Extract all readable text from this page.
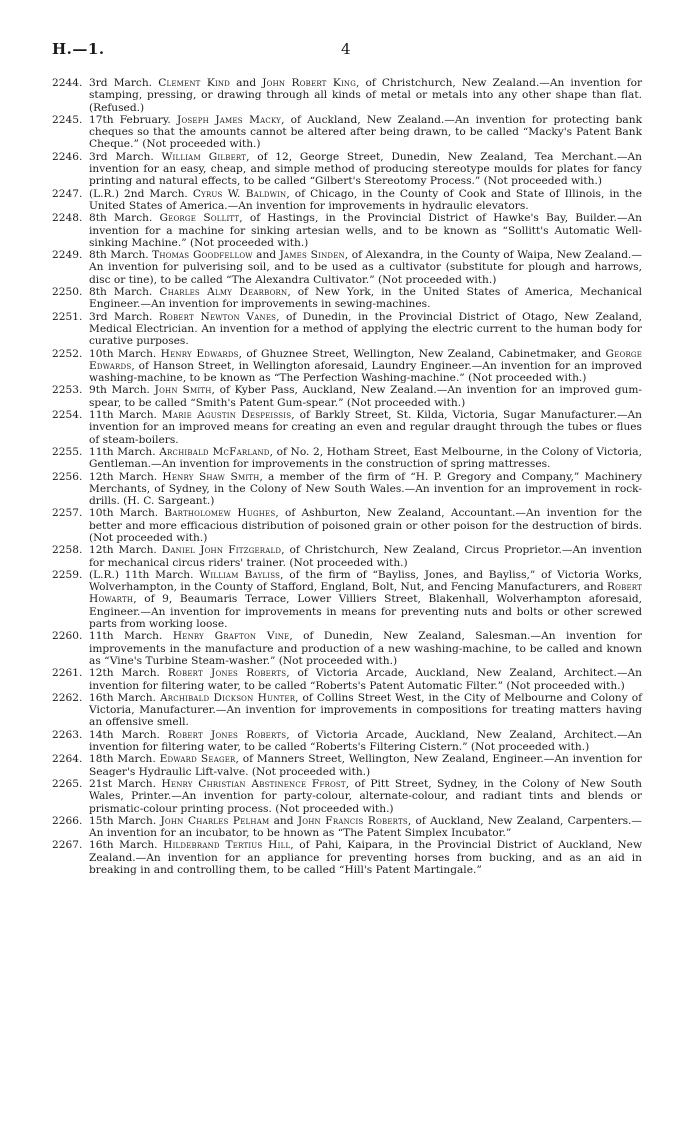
H.—1.	4
2244. 3rd March. Clement Kind and John Robert King, of Christchurch, New Zealand.—An invention for stamping, pressing, or drawing through all kinds of metal or metals into any other shape than flat. (Refused.)
2245. 17th February. Joseph James Macky, of Auckland, New Zealand.—An invention for protecting bank cheques so that the amounts cannot be altered after being drawn, to be called “Macky's Patent Bank Cheque.” (Not proceeded with.)
2246. 3rd March. William Gilbert, of 12, George Street, Dunedin, New Zealand, Tea Merchant.—An invention for an easy, cheap, and simple method of producing stereotype moulds for plates for fancy printing and natural effects, to be called “Gilbert's Stereotomy Process.” (Not proceeded with.)
2247. (L.R.) 2nd March. Cyrus W. Baldwin, of Chicago, in the County of Cook and State of Illinois, in the United States of America.—An invention for improvements in hydraulic elevators.
2248. 8th March. George Sollitt, of Hastings, in the Provincial District of Hawke's Bay, Builder.—An invention for a machine for sinking artesian wells, and to be known as “Sollitt's Automatic Well-sinking Machine.” (Not proceeded with.)
2249. 8th March. Thomas Goodfellow and James Sinden, of Alexandra, in the County of Waipa, New Zealand.—An invention for pulverising soil, and to be used as a cultivator (substitute for plough and harrows, disc or tine), to be called “The Alexandra Cultivator.” (Not proceeded with.)
2250. 8th March. Charles Almy Dearborn, of New York, in the United States of America, Mechanical Engineer.—An invention for improvements in sewing-machines.
2251. 3rd March. Robert Newton Vanes, of Dunedin, in the Provincial District of Otago, New Zealand, Medical Electrician. An invention for a method of applying the electric current to the human body for curative purposes.
2252. 10th March. Henry Edwards, of Ghuznee Street, Wellington, New Zealand, Cabinetmaker, and George Edwards, of Hanson Street, in Wellington aforesaid, Laundry Engineer.—An invention for an improved washing-machine, to be known as “The Perfection Washing-machine.” (Not proceeded with.)
2253. 9th March. John Smith, of Kyber Pass, Auckland, New Zealand.—An invention for an improved gum-spear, to be called “Smith's Patent Gum-spear.” (Not proceeded with.)
2254. 11th March. Marie Agustin Despeissis, of Barkly Street, St. Kilda, Victoria, Sugar Manufacturer.—An invention for an improved means for creating an even and regular draught through the tubes or flues of steam-boilers.
2255. 11th March. Archibald McFarland, of No. 2, Hotham Street, East Melbourne, in the Colony of Victoria, Gentleman.—An invention for improvements in the construction of spring mattresses.
2256. 12th March. Henry Shaw Smith, a member of the firm of “H. P. Gregory and Company,” Machinery Merchants, of Sydney, in the Colony of New South Wales.—An invention for an improvement in rock-drills. (H. C. Sargeant.)
2257. 10th March. Bartholomew Hughes, of Ashburton, New Zealand, Accountant.—An invention for the better and more efficacious distribution of poisoned grain or other poison for the destruction of birds. (Not proceeded with.)
2258. 12th March. Daniel John Fitzgerald, of Christchurch, New Zealand, Circus Proprietor.—An invention for mechanical circus riders' trainer. (Not proceeded with.)
2259. (L.R.) 11th March. William Bayliss, of the firm of “Bayliss, Jones, and Bayliss,” of Victoria Works, Wolverhampton, in the County of Stafford, England, Bolt, Nut, and Fencing Manufacturers, and Robert Howarth, of 9, Beaumaris Terrace, Lower Villiers Street, Blakenhall, Wolverhampton aforesaid, Engineer.—An invention for improvements in means for preventing nuts and bolts or other screwed parts from working loose.
2260. 11th March. Henry Grafton Vine, of Dunedin, New Zealand, Salesman.—An invention for improvements in the manufacture and production of a new washing-machine, to be called and known as “Vine's Turbine Steam-washer.” (Not proceeded with.)
2261. 12th March. Robert Jones Roberts, of Victoria Arcade, Auckland, New Zealand, Architect.—An invention for filtering water, to be called “Roberts's Patent Automatic Filter.” (Not proceeded with.)
2262. 16th March. Archibald Dickson Hunter, of Collins Street West, in the City of Melbourne and Colony of Victoria, Manufacturer.—An invention for improvements in compositions for treating matters having an offensive smell.
2263. 14th March. Robert Jones Roberts, of Victoria Arcade, Auckland, New Zealand, Architect.—An invention for filtering water, to be called “Roberts's Filtering Cistern.” (Not proceeded with.)
2264. 18th March. Edward Seager, of Manners Street, Wellington, New Zealand, Engineer.—An invention for Seager's Hydraulic Lift-valve. (Not proceeded with.)
2265. 21st March. Henry Christian Abstinence Ffrost, of Pitt Street, Sydney, in the Colony of New South Wales, Printer.—An invention for party-colour, alternate-colour, and radiant tints and blends or prismatic-colour printing process. (Not proceeded with.)
2266. 15th March. John Charles Pelham and John Francis Roberts, of Auckland, New Zealand, Carpenters.—An invention for an incubator, to be hnown as “The Patent Simplex Incubator.”
2267. 16th March. Hildebrand Tertius Hill, of Pahi, Kaipara, in the Provincial District of Auckland, New Zealand.—An invention for an appliance for preventing horses from bucking, and as an aid in breaking in and controlling them, to be called “Hill's Patent Martingale.”
